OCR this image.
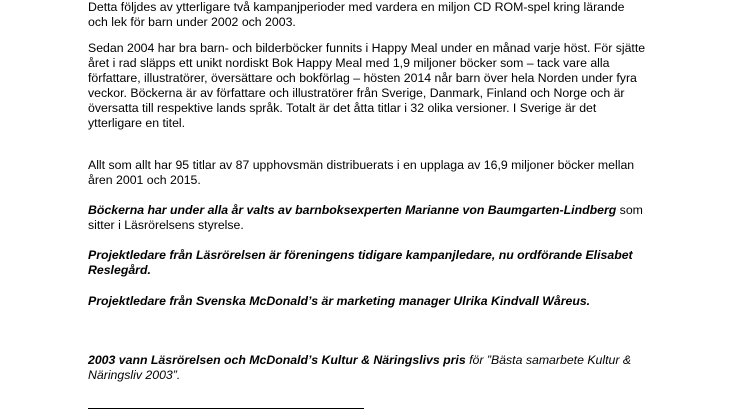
Detta följdes av ytterligare två kampanjperioder med vardera en miljon CD ROM-spel kring lärande
och lek för barn under 2002 och 2003.
Sedan 2004 har bra barn- och bilderböcker funnits i Happy Meal under en månad varje höst. För sjätte
året i rad släpps ett unikt nordiskt Bok Happy Meal med 1,9 miljoner böcker som – tack vare alla
författare, illustratörer, översättare och bokförlag – hösten 2014 når barn över hela Norden under fyra
veckor. Böckerna är av författare och illustratörer från Sverige, Danmark, Finland och Norge och är
översatta till respektive lands språk. Totalt är det åtta titlar i 32 olika versioner. I Sverige är det
ytterligare en titel.
Allt som allt har 95 titlar av 87 upphovsmän distribuerats i en upplaga av 16,9 miljoner böcker mellan
åren 2001 och 2015.
Böckerna har under alla år valts av barnboksexperten Marianne von Baumgarten-Lindberg som
sitter i Läsrörelsens styrelse.
Projektledare från Läsrörelsen är föreningens tidigare kampanjledare, nu ordförande Elisabet
Reslegård.
Projektledare från Svenska McDonald’s är marketing manager Ulrika Kindvall Wåreus.
2003 vann Läsrörelsen och McDonald’s Kultur & Näringslivs pris för ”Bästa samarbete Kultur &
Näringsliv 2003”.
